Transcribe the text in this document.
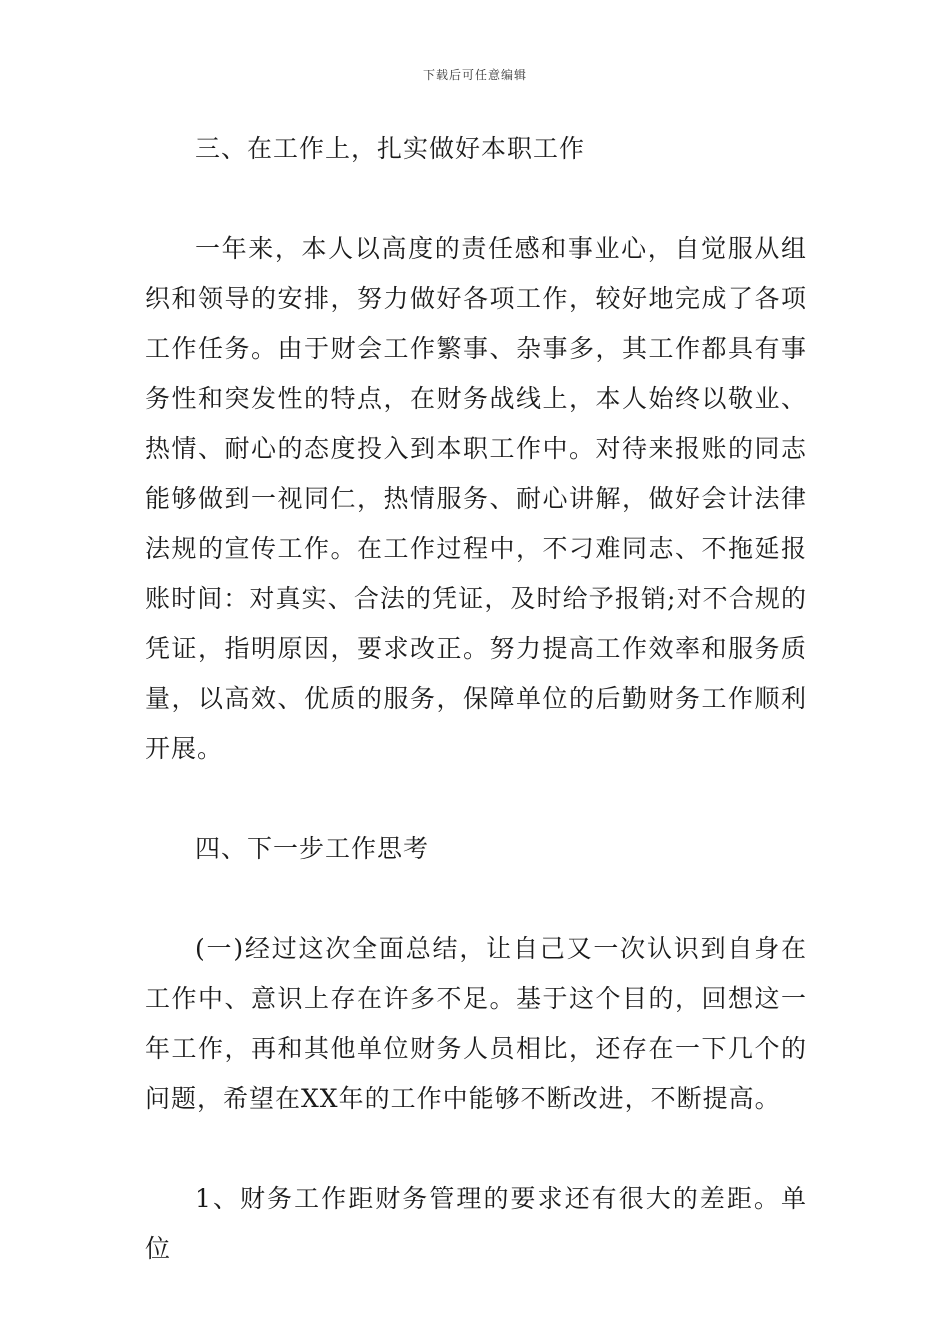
下载后可任意编辑

三、在工作上，扎实做好本职工作

一年来，本人以高度的责任感和事业心，自觉服从组织和领导的安排，努力做好各项工作，较好地完成了各项工作任务。由于财会工作繁事、杂事多，其工作都具有事务性和突发性的特点，在财务战线上，本人始终以敬业、热情、耐心的态度投入到本职工作中。对待来报账的同志能够做到一视同仁，热情服务、耐心讲解，做好会计法律法规的宣传工作。在工作过程中，不刁难同志、不拖延报账时间：对真实、合法的凭证，及时给予报销;对不合规的凭证，指明原因，要求改正。努力提高工作效率和服务质量，以高效、优质的服务，保障单位的后勤财务工作顺利开展。

四、下一步工作思考

(一)经过这次全面总结，让自己又一次认识到自身在工作中、意识上存在许多不足。基于这个目的，回想这一年工作，再和其他单位财务人员相比，还存在一下几个的问题，希望在XX年的工作中能够不断改进，不断提高。

1、财务工作距财务管理的要求还有很大的差距。单位
